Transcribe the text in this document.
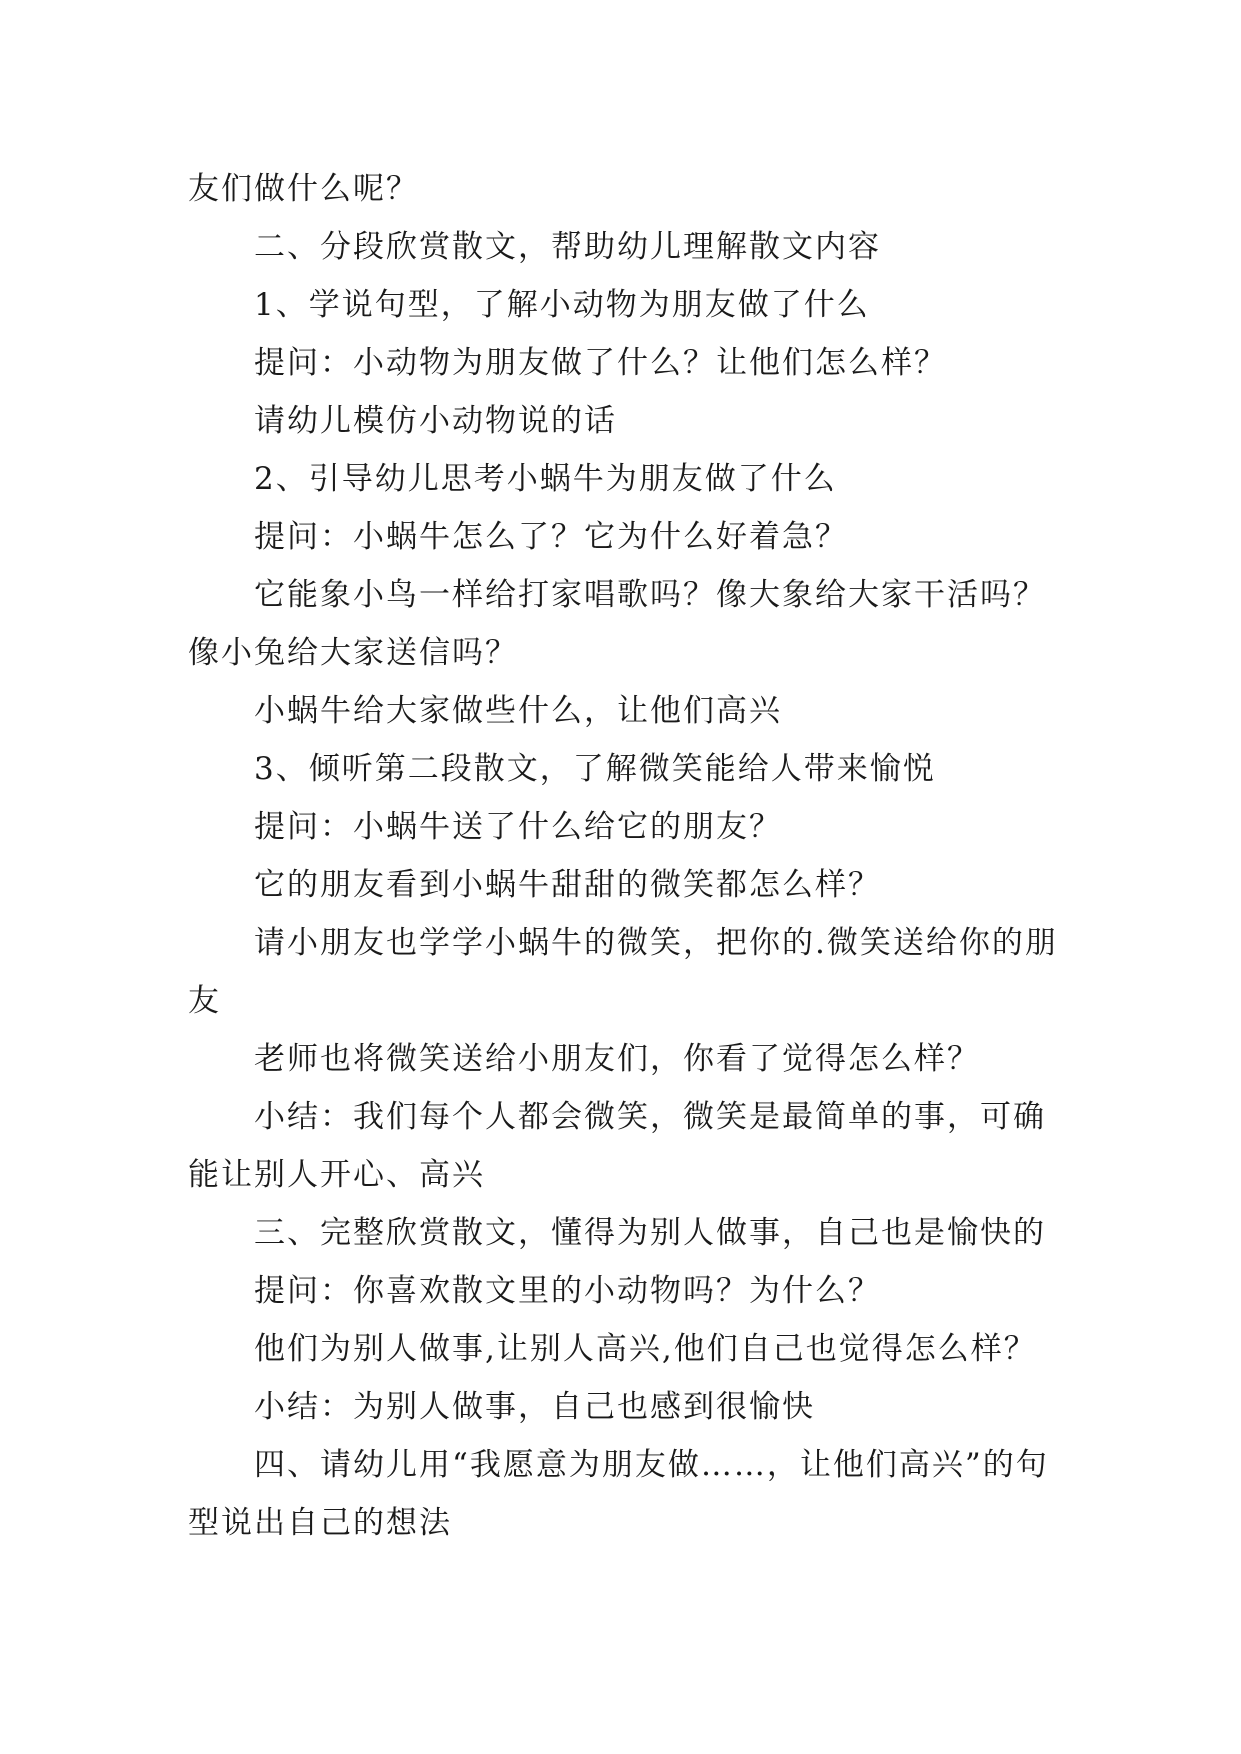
友们做什么呢？

二、分段欣赏散文，帮助幼儿理解散文内容

1、学说句型，了解小动物为朋友做了什么

提问：小动物为朋友做了什么？让他们怎么样？

请幼儿模仿小动物说的话

2、引导幼儿思考小蜗牛为朋友做了什么

提问：小蜗牛怎么了？它为什么好着急？

它能象小鸟一样给打家唱歌吗？像大象给大家干活吗？像小兔给大家送信吗？

小蜗牛给大家做些什么，让他们高兴

3、倾听第二段散文，了解微笑能给人带来愉悦

提问：小蜗牛送了什么给它的朋友？

它的朋友看到小蜗牛甜甜的微笑都怎么样？

请小朋友也学学小蜗牛的微笑，把你的.微笑送给你的朋友

老师也将微笑送给小朋友们，你看了觉得怎么样？

小结：我们每个人都会微笑，微笑是最简单的事，可确能让别人开心、高兴

三、完整欣赏散文，懂得为别人做事，自己也是愉快的

提问：你喜欢散文里的小动物吗？为什么？

他们为别人做事,让别人高兴,他们自己也觉得怎么样？

小结：为别人做事，自己也感到很愉快

四、请幼儿用“我愿意为朋友做……，让他们高兴”的句型说出自己的想法
